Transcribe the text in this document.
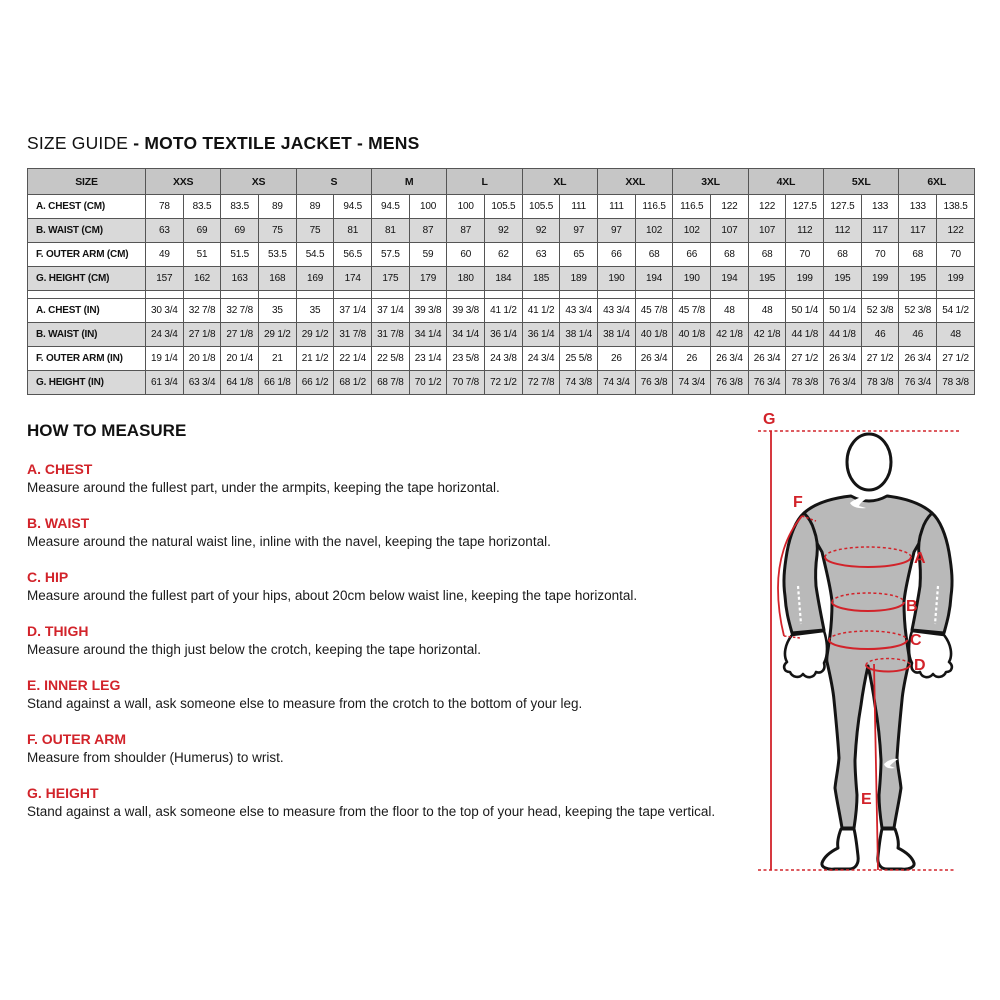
SIZE GUIDE - MOTO TEXTILE JACKET - MENS
SIZE	XXS		XS		S		M		L		XL		XXL		3XL		4XL		5XL		6XL	
A. CHEST (CM)	78	83.5	83.5	89	89	94.5	94.5	100	100	105.5	105.5	111	111	116.5	116.5	122	122	127.5	127.5	133	133	138.5
B. WAIST (CM)	63	69	69	75	75	81	81	87	87	92	92	97	97	102	102	107	107	112	112	117	117	122
F. OUTER ARM (CM)	49	51	51.5	53.5	54.5	56.5	57.5	59	60	62	63	65	66	68	66	68	68	70	68	70	68	70
G. HEIGHT (CM)	157	162	163	168	169	174	175	179	180	184	185	189	190	194	190	194	195	199	195	199	195	199

A. CHEST (IN)	30 3/4	32 7/8	32 7/8	35	35	37 1/4	37 1/4	39 3/8	39 3/8	41 1/2	41 1/2	43 3/4	43 3/4	45 7/8	45 7/8	48	48	50 1/4	50 1/4	52 3/8	52 3/8	54 1/2
B. WAIST (IN)	24 3/4	27 1/8	27 1/8	29 1/2	29 1/2	31 7/8	31 7/8	34 1/4	34 1/4	36 1/4	36 1/4	38 1/4	38 1/4	40 1/8	40 1/8	42 1/8	42 1/8	44 1/8	44 1/8	46	46	48
F. OUTER ARM (IN)	19 1/4	20 1/8	20 1/4	21	21 1/2	22 1/4	22 5/8	23 1/4	23 5/8	24 3/8	24 3/4	25 5/8	26	26 3/4	26	26 3/4	26 3/4	27 1/2	26 3/4	27 1/2	26 3/4	27 1/2
G. HEIGHT (IN)	61 3/4	63 3/4	64 1/8	66 1/8	66 1/2	68 1/2	68 7/8	70 1/2	70 7/8	72 1/2	72 7/8	74 3/8	74 3/4	76 3/8	74 3/4	76 3/8	76 3/4	78 3/8	76 3/4	78 3/8	76 3/4	78 3/8
HOW TO MEASURE
A. CHEST

Measure around the fullest part, under the armpits, keeping the tape horizontal.

B. WAIST

Measure around the natural waist line, inline with the navel, keeping the tape horizontal.

C. HIP

Measure around the fullest part of your hips, about 20cm below waist line, keeping the tape horizontal.

D. THIGH

Measure around the thigh just below the crotch, keeping the tape horizontal.

E. INNER LEG

Stand against a wall, ask someone else to measure from the crotch to the bottom of your leg.

F. OUTER ARM

Measure from shoulder (Humerus) to wrist.

G. HEIGHT

Stand against a wall, ask someone else to measure from the floor to the top of your head, keeping the tape vertical.

G
F
A
B
C
D
E
